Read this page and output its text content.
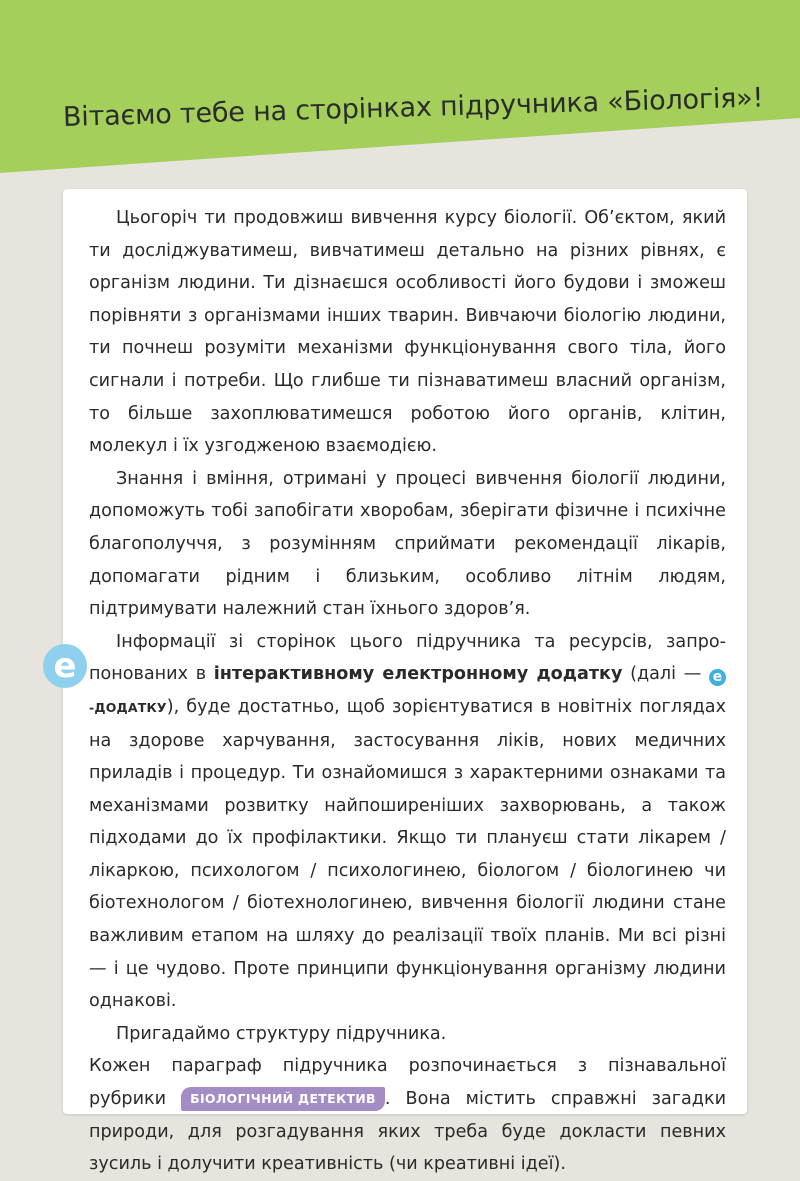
Вітаємо тебе на сторінках підручника «Біологія»!
e

Цьогоріч ти продовжиш вивчення курсу біології. Об’єктом, який ти досліджуватимеш, вивчатимеш детально на різних рівнях, є організм людини. Ти дізнаєшся особливості його будови і зможеш порівняти з організмами інших тварин. Вивчаючи біологію людини, ти почнеш розуміти механізми функціонування свого тіла, його сигнали і потреби. Що глибше ти пізнаватимеш власний організм, то більше захоплюватимешся роботою його органів, клітин, молекул і їх узгодженою взаємодією.

Знання і вміння, отримані у процесі вивчення біології людини, допоможуть тобі запобігати хворобам, зберігати фізичне і психічне благополуччя, з розумінням сприймати рекомендації лікарів, допомагати рідним і близьким, особливо літнім людям, підтримувати належний стан їхнього здоров’я.

Інформації зі сторінок цього підручника та ресурсів, запропонованих в інтерактивному електронному додатку (далі — е-ДОДАТКУ), буде достатньо, щоб зорієнтуватися в новітніх поглядах на здорове харчування, застосування ліків, нових медичних приладів і процедур. Ти ознайомишся з характерними ознаками та механізмами розвитку найпоширеніших захворювань, а також підходами до їх профілактики. Якщо ти плануєш стати лікарем / лікаркою, психологом / психологинею, біологом / біологинею чи біотехнологом / біотехнологинею, вивчення біології людини стане важливим етапом на шляху до реалізації твоїх планів. Ми всі різні — і це чудово. Проте принципи функціонування організму людини однакові.

Пригадаймо структуру підручника.

Кожен параграф підручника розпочинається з пізнавальної рубрики БІОЛОГІЧНИЙ ДЕТЕКТИВ . Вона містить справжні загадки природи, для розгадування яких треба буде докласти певних зусиль і долучити креативність (чи креативні ідеї).
